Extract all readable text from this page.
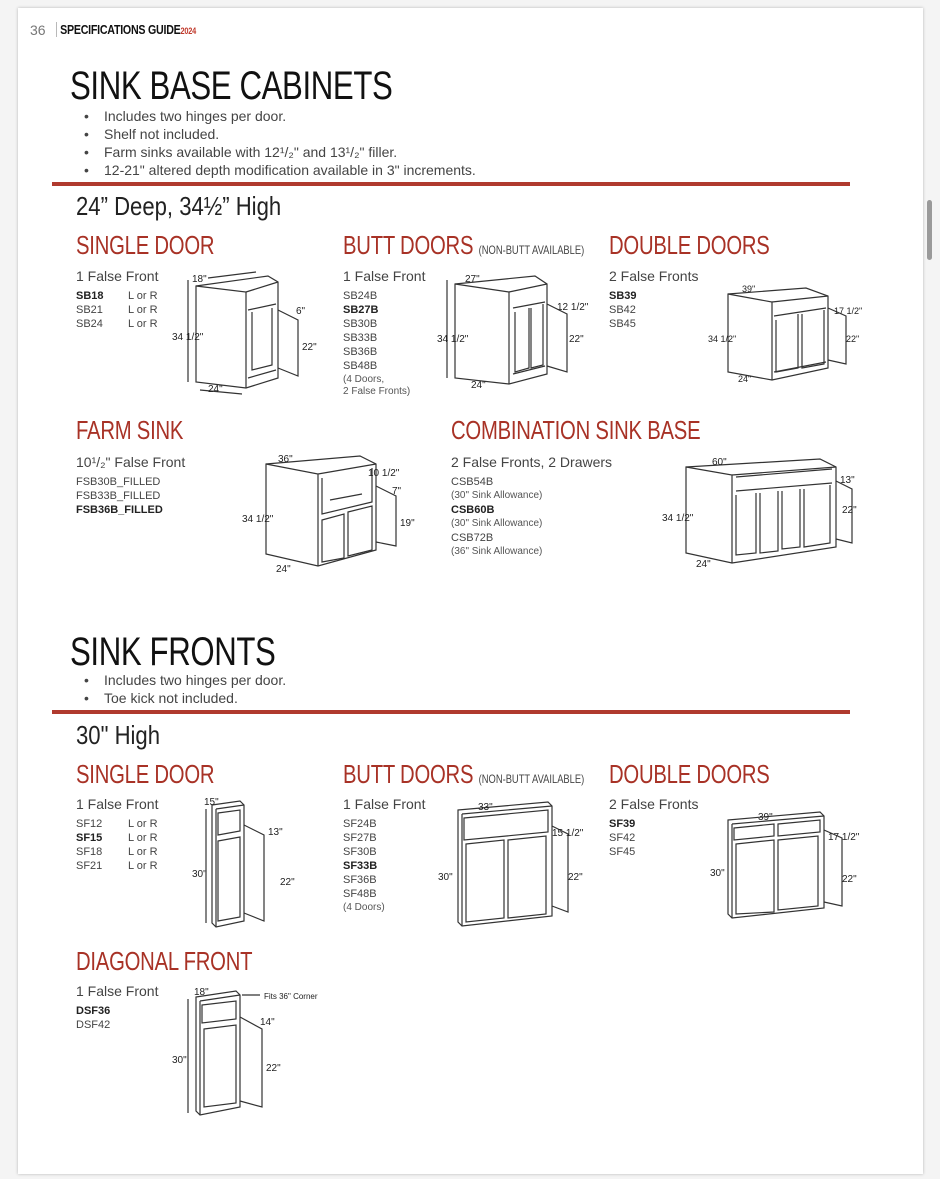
36	SPECIFICATIONS GUIDE2024
SINK BASE CABINETS
• Includes two hinges per door.
• Shelf not included.
• Farm sinks available with 12¹/₂" and 13¹/₂" filler.
• 12-21" altered depth modification available in 3" increments.
24” Deep, 34½” High
SINGLE DOOR
1 False Front
SB18
SB21
SB24
L or R
L or R
L or R
18"
34 1/2"
24"
6"
22"
BUTT DOORS (NON-BUTT AVAILABLE)
1 False Front
SB24B
SB27B
SB30B
SB33B
SB36B
SB48B
(4 Doors,
2 False Fronts)
27"
34 1/2"
24"
12 1/2"
22"
DOUBLE DOORS
2 False Fronts
SB39
SB42
SB45
39"
34 1/2"
24"
17 1/2"
22"
FARM SINK
10¹/₂" False Front
FSB30B_FILLED
FSB33B_FILLED
FSB36B_FILLED
36"
34 1/2"
24"
10 1/2"
7"
19"
COMBINATION SINK BASE
2 False Fronts, 2 Drawers
CSB54B
(30" Sink Allowance)
CSB60B
(30" Sink Allowance)
CSB72B
(36" Sink Allowance)
60"
34 1/2"
24"
13"
22"
SINK FRONTS
• Includes two hinges per door.
• Toe kick not included.
30" High
SINGLE DOOR
1 False Front
SF12
SF15
SF18
SF21
L or R
L or R
L or R
L or R
15"
30"
13"
22"
BUTT DOORS (NON-BUTT AVAILABLE)
1 False Front
SF24B
SF27B
SF30B
SF33B
SF36B
SF48B
(4 Doors)
33"
30"
15 1/2"
22"
DOUBLE DOORS
2 False Fronts
SF39
SF42
SF45
39"
30"
17 1/2"
22"
DIAGONAL FRONT
1 False Front
DSF36
DSF42
18"
30"
14"
22"
Fits 36" Corner
